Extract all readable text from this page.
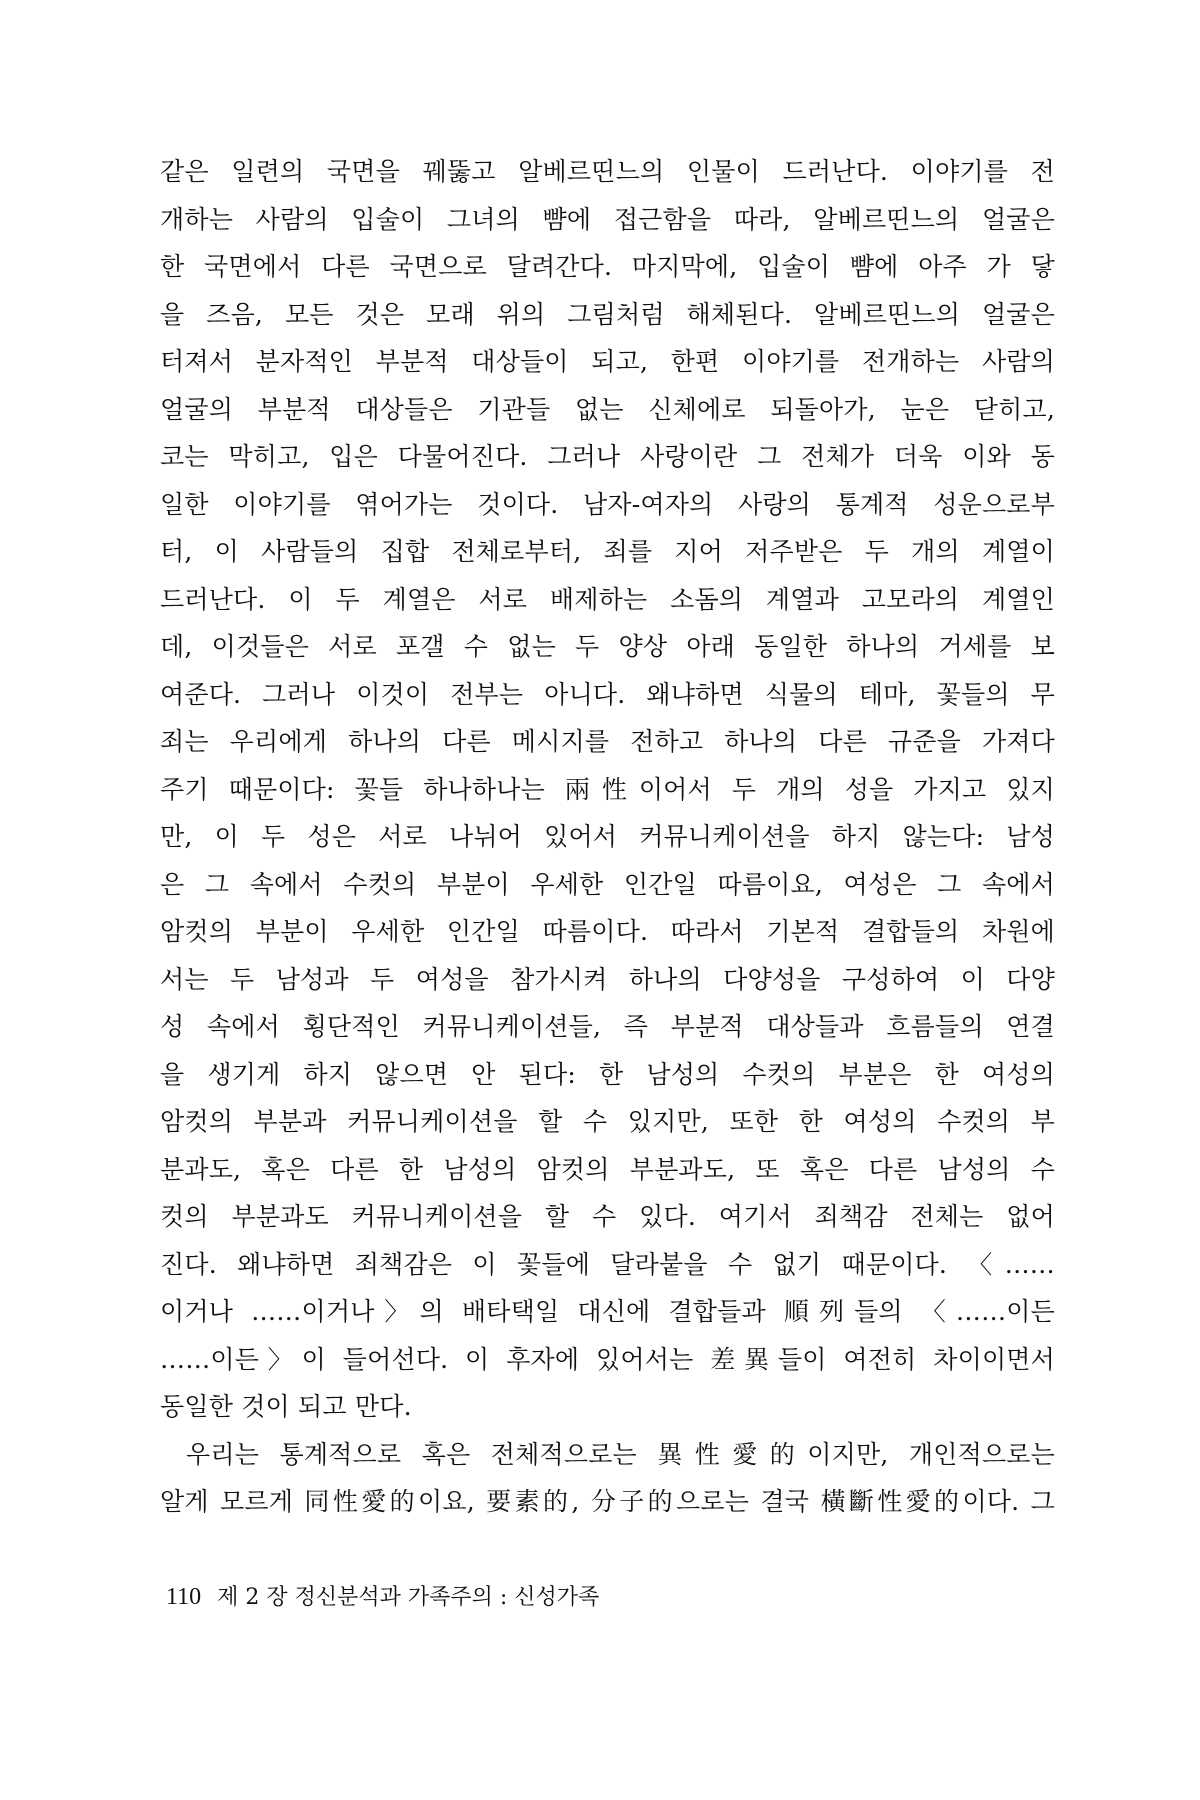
같은 일련의 국면을 꿰뚫고 알베르띤느의 인물이 드러난다. 이야기를 전
개하는 사람의 입술이 그녀의 뺨에 접근함을 따라, 알베르띤느의 얼굴은
한 국면에서 다른 국면으로 달려간다. 마지막에, 입술이 뺨에 아주 가 닿
을 즈음, 모든 것은 모래 위의 그림처럼 해체된다. 알베르띤느의 얼굴은
터져서 분자적인 부분적 대상들이 되고, 한편 이야기를 전개하는 사람의
얼굴의 부분적 대상들은 기관들 없는 신체에로 되돌아가, 눈은 닫히고,
코는 막히고, 입은 다물어진다. 그러나 사랑이란 그 전체가 더욱 이와 동
일한 이야기를 엮어가는 것이다. 남자-여자의 사랑의 통계적 성운으로부
터, 이 사람들의 집합 전체로부터, 죄를 지어 저주받은 두 개의 계열이
드러난다. 이 두 계열은 서로 배제하는 소돔의 계열과 고모라의 계열인
데, 이것들은 서로 포갤 수 없는 두 양상 아래 동일한 하나의 거세를 보
여준다. 그러나 이것이 전부는 아니다. 왜냐하면 식물의 테마, 꽃들의 무
죄는 우리에게 하나의 다른 메시지를 전하고 하나의 다른 규준을 가져다
주기 때문이다: 꽃들 하나하나는 兩性이어서 두 개의 성을 가지고 있지
만, 이 두 성은 서로 나뉘어 있어서 커뮤니케이션을 하지 않는다: 남성
은 그 속에서 수컷의 부분이 우세한 인간일 따름이요, 여성은 그 속에서
암컷의 부분이 우세한 인간일 따름이다. 따라서 기본적 결합들의 차원에
서는 두 남성과 두 여성을 참가시켜 하나의 다양성을 구성하여 이 다양
성 속에서 횡단적인 커뮤니케이션들, 즉 부분적 대상들과 흐름들의 연결
을 생기게 하지 않으면 안 된다: 한 남성의 수컷의 부분은 한 여성의
암컷의 부분과 커뮤니케이션을 할 수 있지만, 또한 한 여성의 수컷의 부
분과도, 혹은 다른 한 남성의 암컷의 부분과도, 또 혹은 다른 남성의 수
컷의 부분과도 커뮤니케이션을 할 수 있다. 여기서 죄책감 전체는 없어
진다. 왜냐하면 죄책감은 이 꽃들에 달라붙을 수 없기 때문이다. 〈……
이거나 ……이거나〉의 배타택일 대신에 결합들과 順列들의 〈……이든
……이든〉이 들어선다. 이 후자에 있어서는 差異들이 여전히 차이이면서
동일한 것이 되고 만다.
우리는 통계적으로 혹은 전체적으로는 異性愛的이지만, 개인적으로는
알게 모르게 同性愛的이요, 要素的, 分子的으로는 결국 橫斷性愛的이다. 그
110 제 2 장 정신분석과 가족주의 : 신성가족
